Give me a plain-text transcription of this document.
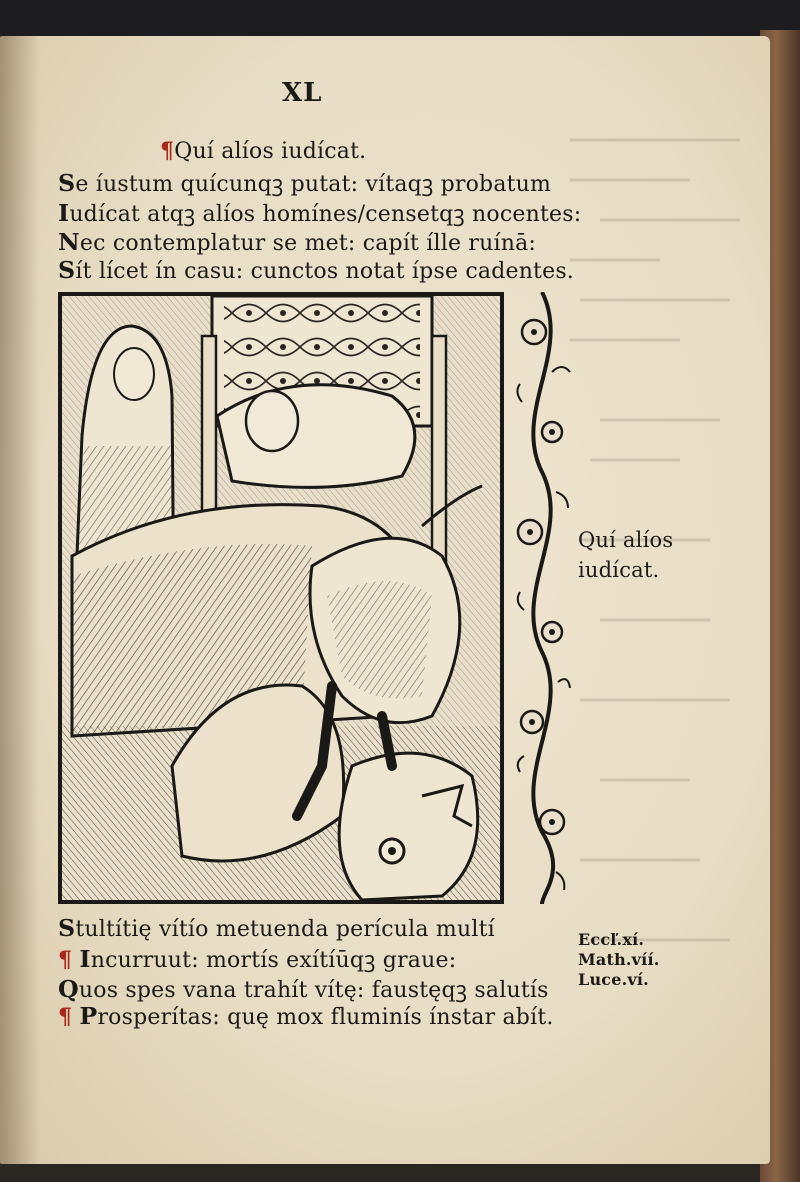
XL
¶Quí alíos iudícat.
Se íustum quícunqꝫ putat: vítaqꝫ probatum
Iudícat atqꝫ alíos homínes/censetqꝫ nocentes:
Nec contemplatur se met: capít ílle ruínā:
Sít lícet ín casu: cunctos notat ípse cadentes.
Quí alíos
iudícat.
Stultítię vítío metuenda perícula multí
¶ Incurruut: mortís exítíūqꝫ graue:
Quos spes vana trahít vítę: faustęqꝫ salutís
¶ Prosperítas: quę mox fluminís ínstar abít.
Eccľ.xí.
Math.víí.
Luce.ví.
